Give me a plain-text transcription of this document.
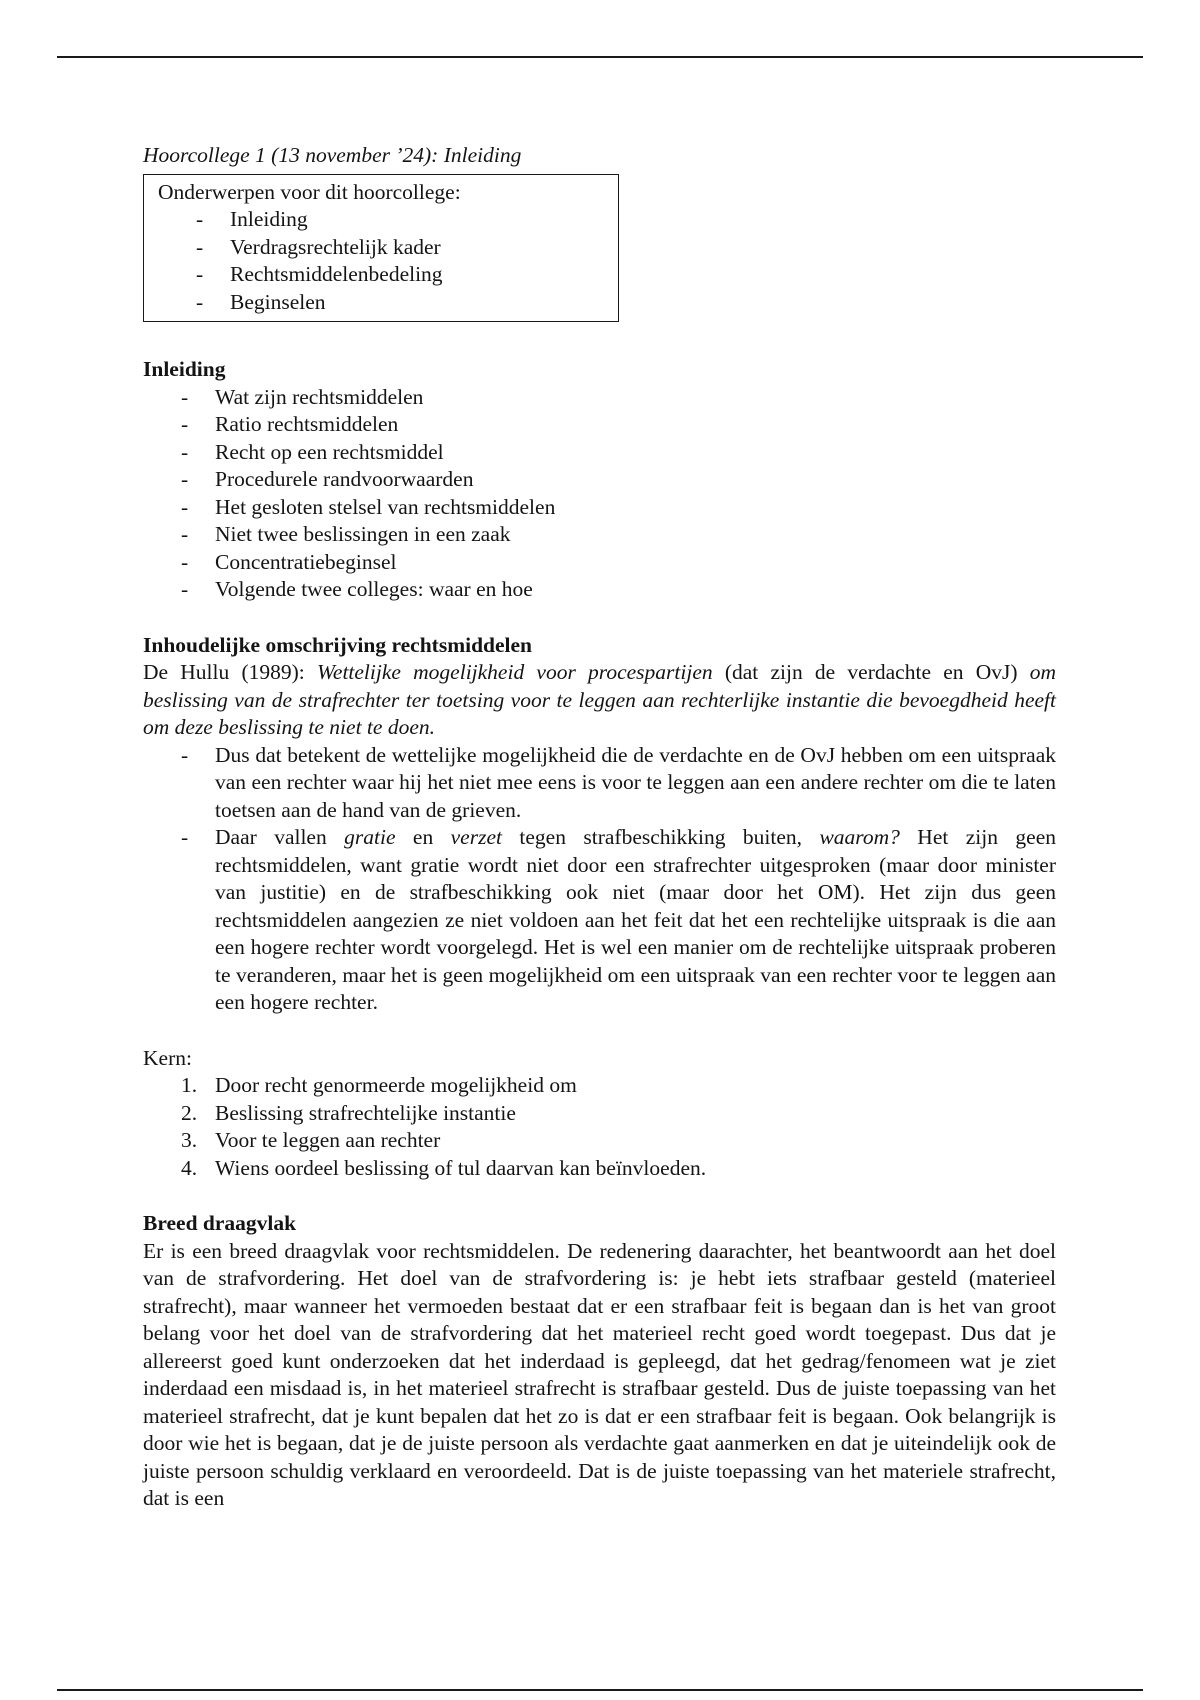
Hoorcollege 1 (13 november ’24): Inleiding

Onderwerpen voor dit hoorcollege:
- Inleiding
- Verdragsrechtelijk kader
- Rechtsmiddelenbedeling
- Beginselen
Inleiding
- Wat zijn rechtsmiddelen
- Ratio rechtsmiddelen
- Recht op een rechtsmiddel
- Procedurele randvoorwaarden
- Het gesloten stelsel van rechtsmiddelen
- Niet twee beslissingen in een zaak
- Concentratiebeginsel
- Volgende twee colleges: waar en hoe
Inhoudelijke omschrijving rechtsmiddelen

De Hullu (1989): Wettelijke mogelijkheid voor procespartijen (dat zijn de verdachte en OvJ) om beslissing van de strafrechter ter toetsing voor te leggen aan rechterlijke instantie die bevoegdheid heeft om deze beslissing te niet te doen.

- Dus dat betekent de wettelijke mogelijkheid die de verdachte en de OvJ hebben om een uitspraak van een rechter waar hij het niet mee eens is voor te leggen aan een andere rechter om die te laten toetsen aan de hand van de grieven.
- Daar vallen gratie en verzet tegen strafbeschikking buiten, waarom? Het zijn geen rechtsmiddelen, want gratie wordt niet door een strafrechter uitgesproken (maar door minister van justitie) en de strafbeschikking ook niet (maar door het OM). Het zijn dus geen rechtsmiddelen aangezien ze niet voldoen aan het feit dat het een rechtelijke uitspraak is die aan een hogere rechter wordt voorgelegd. Het is wel een manier om de rechtelijke uitspraak proberen te veranderen, maar het is geen mogelijkheid om een uitspraak van een rechter voor te leggen aan een hogere rechter.

Kern:

1. Door recht genormeerde mogelijkheid om
2. Beslissing strafrechtelijke instantie
3. Voor te leggen aan rechter
4. Wiens oordeel beslissing of tul daarvan kan beïnvloeden.
Breed draagvlak

Er is een breed draagvlak voor rechtsmiddelen. De redenering daarachter, het beantwoordt aan het doel van de strafvordering. Het doel van de strafvordering is: je hebt iets strafbaar gesteld (materieel strafrecht), maar wanneer het vermoeden bestaat dat er een strafbaar feit is begaan dan is het van groot belang voor het doel van de strafvordering dat het materieel recht goed wordt toegepast. Dus dat je allereerst goed kunt onderzoeken dat het inderdaad is gepleegd, dat het gedrag/fenomeen wat je ziet inderdaad een misdaad is, in het materieel strafrecht is strafbaar gesteld. Dus de juiste toepassing van het materieel strafrecht, dat je kunt bepalen dat het zo is dat er een strafbaar feit is begaan. Ook belangrijk is door wie het is begaan, dat je de juiste persoon als verdachte gaat aanmerken en dat je uiteindelijk ook de juiste persoon schuldig verklaard en veroordeeld. Dat is de juiste toepassing van het materiele strafrecht, dat is een
